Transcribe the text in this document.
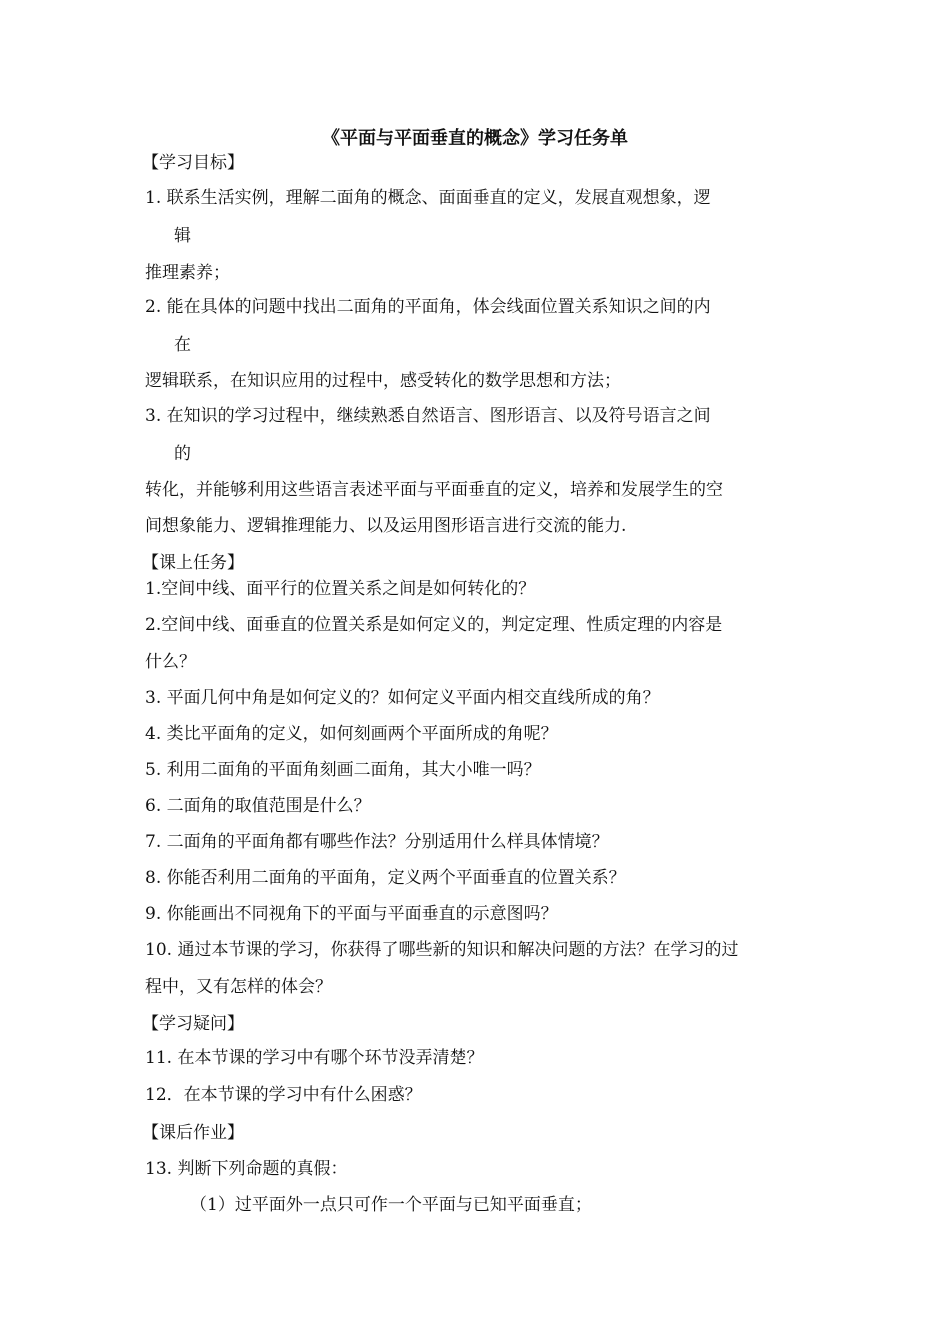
《平面与平面垂直的概念》学习任务单
【学习目标】
1. 联系生活实例，理解二面角的概念、面面垂直的定义，发展直观想象，逻
辑
推理素养；
2. 能在具体的问题中找出二面角的平面角，体会线面位置关系知识之间的内
在
逻辑联系，在知识应用的过程中，感受转化的数学思想和方法；
3. 在知识的学习过程中，继续熟悉自然语言、图形语言、以及符号语言之间
的
转化，并能够利用这些语言表述平面与平面垂直的定义，培养和发展学生的空
间想象能力、逻辑推理能力、以及运用图形语言进行交流的能力.
【课上任务】
1.空间中线、面平行的位置关系之间是如何转化的？
2.空间中线、面垂直的位置关系是如何定义的，判定定理、性质定理的内容是
什么？
3. 平面几何中角是如何定义的？如何定义平面内相交直线所成的角？
4. 类比平面角的定义，如何刻画两个平面所成的角呢？
5. 利用二面角的平面角刻画二面角，其大小唯一吗？
6. 二面角的取值范围是什么？
7. 二面角的平面角都有哪些作法？分别适用什么样具体情境？
8. 你能否利用二面角的平面角，定义两个平面垂直的位置关系？
9. 你能画出不同视角下的平面与平面垂直的示意图吗？
10. 通过本节课的学习，你获得了哪些新的知识和解决问题的方法？在学习的过
程中，又有怎样的体会？
【学习疑问】
11. 在本节课的学习中有哪个环节没弄清楚？
12．在本节课的学习中有什么困惑？
【课后作业】
13. 判断下列命题的真假：
（1）过平面外一点只可作一个平面与已知平面垂直；
